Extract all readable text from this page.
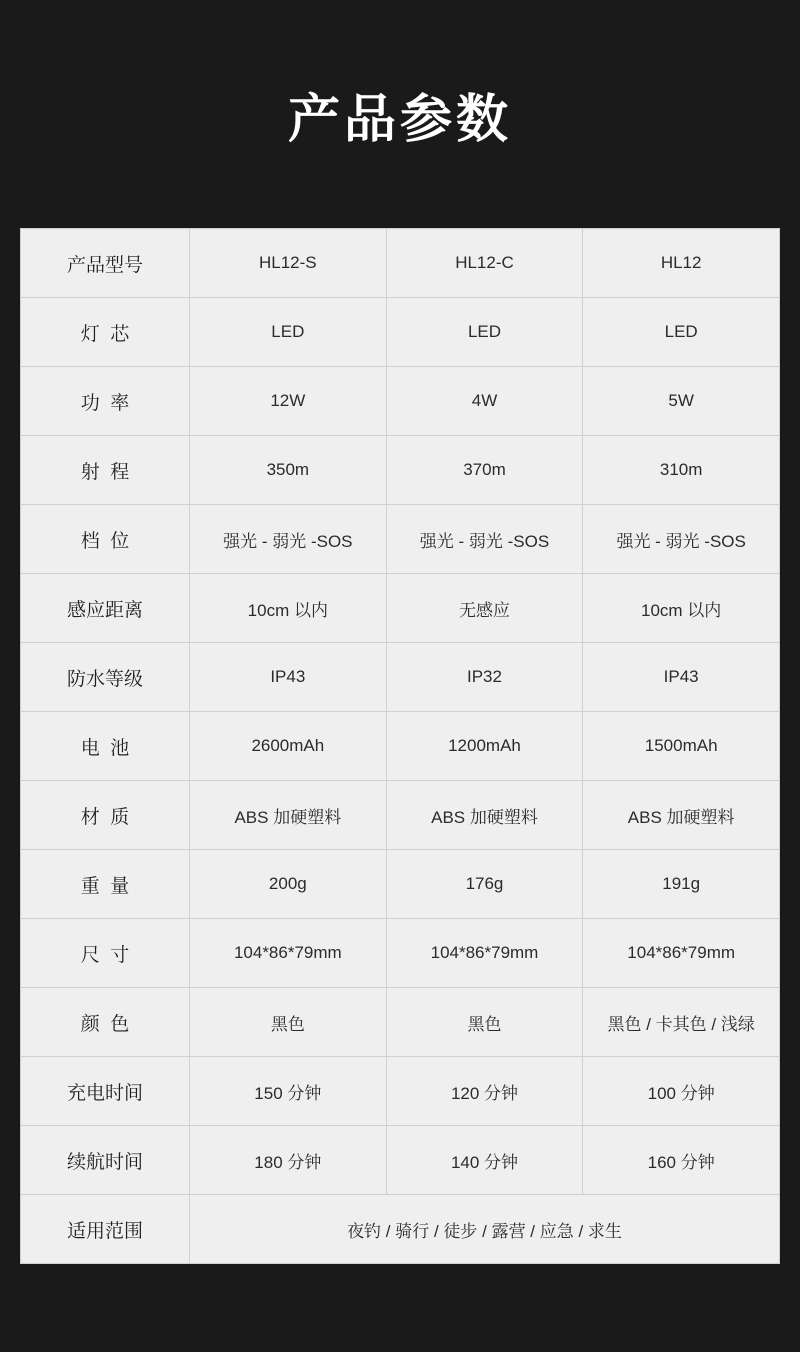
产品参数
产品型号	HL12-S	HL12-C	HL12
灯  芯	LED	LED	LED
功  率	12W	4W	5W
射  程	350m	370m	310m
档  位	强光 - 弱光 -SOS	强光 - 弱光 -SOS	强光 - 弱光 -SOS
感应距离	10cm 以内	无感应	10cm 以内
防水等级	IP43	IP32	IP43
电  池	2600mAh	1200mAh	1500mAh
材  质	ABS 加硬塑料	ABS 加硬塑料	ABS 加硬塑料
重  量	200g	176g	191g
尺  寸	104*86*79mm	104*86*79mm	104*86*79mm
颜  色	黑色	黑色	黑色 / 卡其色 / 浅绿
充电时间	150 分钟	120 分钟	100 分钟
续航时间	180 分钟	140 分钟	160 分钟
适用范围	夜钓 / 骑行 / 徒步 / 露营 / 应急 / 求生		
